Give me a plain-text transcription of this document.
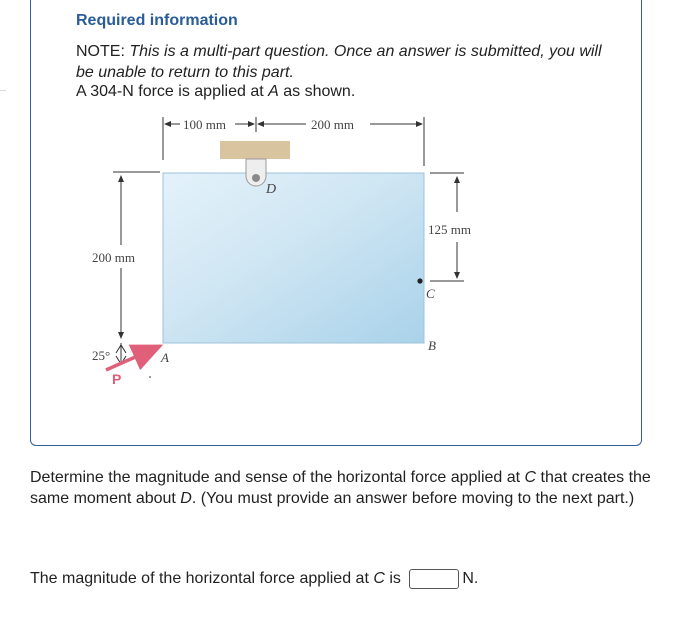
Required information
NOTE: This is a multi-part question. Once an answer is submitted, you will be unable to return to this part.
A 304-N force is applied at A as shown.
100 mm	200 mm
D
200 mm
125 mm
C
B
25°
P
A
Determine the magnitude and sense of the horizontal force applied at C that creates the same moment about D. (You must provide an answer before moving to the next part.)
The magnitude of the horizontal force applied at C is	N.
